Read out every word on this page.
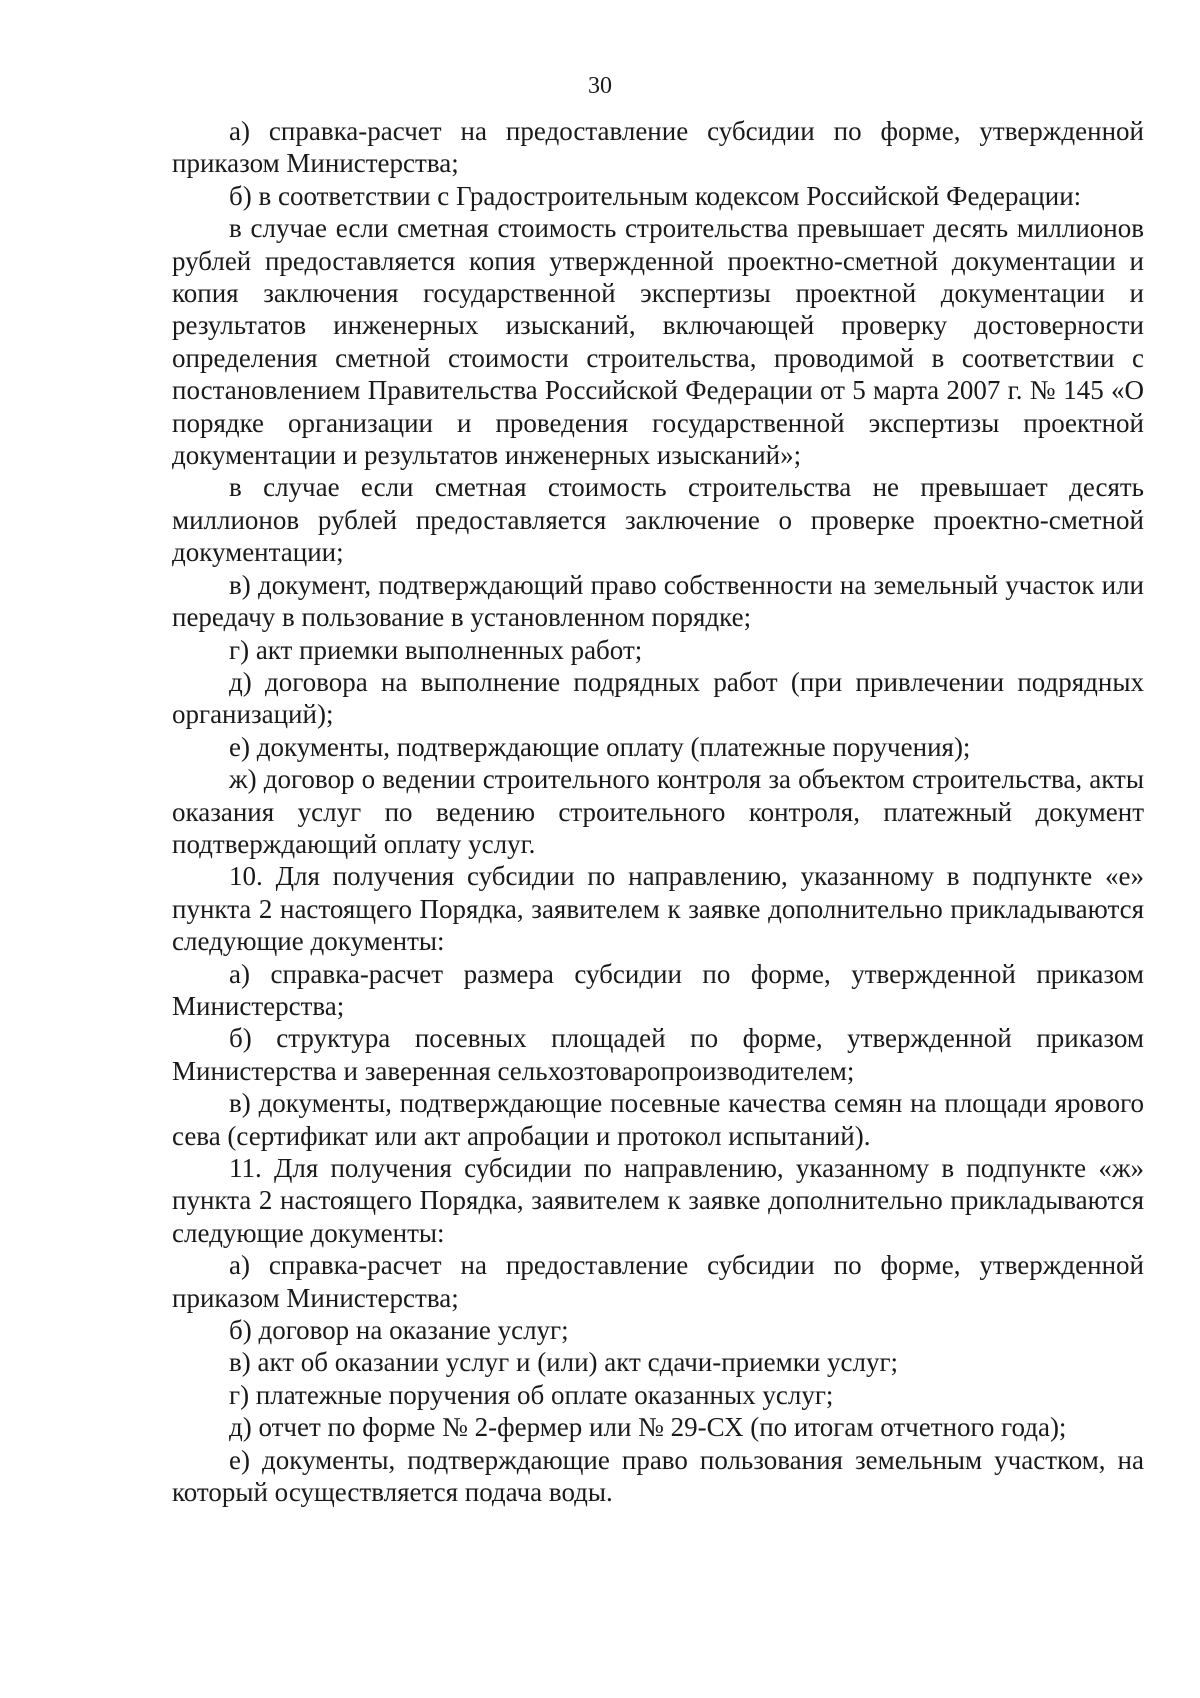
30

а) справка-расчет на предоставление субсидии по форме, утвержденной приказом Министерства;

б) в соответствии с Градостроительным кодексом Российской Федерации:

в случае если сметная стоимость строительства превышает десять миллионов рублей предоставляется копия утвержденной проектно-сметной документации и копия заключения государственной экспертизы проектной документации и результатов инженерных изысканий, включающей проверку достоверности определения сметной стоимости строительства, проводимой в соответствии с постановлением Правительства Российской Федерации от 5 марта 2007 г. № 145 «О порядке организации и проведения государственной экспертизы проектной документации и результатов инженерных изысканий»;

в случае если сметная стоимость строительства не превышает десять миллионов рублей предоставляется заключение о проверке проектно-сметной документации;

в) документ, подтверждающий право собственности на земельный участок или передачу в пользование в установленном порядке;

г) акт приемки выполненных работ;

д) договора на выполнение подрядных работ (при привлечении подрядных организаций);

е) документы, подтверждающие оплату (платежные поручения);

ж) договор о ведении строительного контроля за объектом строительства, акты оказания услуг по ведению строительного контроля, платежный документ подтверждающий оплату услуг.

10. Для получения субсидии по направлению, указанному в подпункте «е» пункта 2 настоящего Порядка, заявителем к заявке дополнительно прикладываются следующие документы:

а) справка-расчет размера субсидии по форме, утвержденной приказом Министерства;

б) структура посевных площадей по форме, утвержденной приказом Министерства и заверенная сельхозтоваропроизводителем;

в) документы, подтверждающие посевные качества семян на площади ярового сева (сертификат или акт апробации и протокол испытаний).

11. Для получения субсидии по направлению, указанному в подпункте «ж» пункта 2 настоящего Порядка, заявителем к заявке дополнительно прикладываются следующие документы:

а) справка-расчет на предоставление субсидии по форме, утвержденной приказом Министерства;

б) договор на оказание услуг;

в) акт об оказании услуг и (или) акт сдачи-приемки услуг;

г) платежные поручения об оплате оказанных услуг;

д) отчет по форме № 2-фермер или № 29-СХ (по итогам отчетного года);

е) документы, подтверждающие право пользования земельным участком, на который осуществляется подача воды.
